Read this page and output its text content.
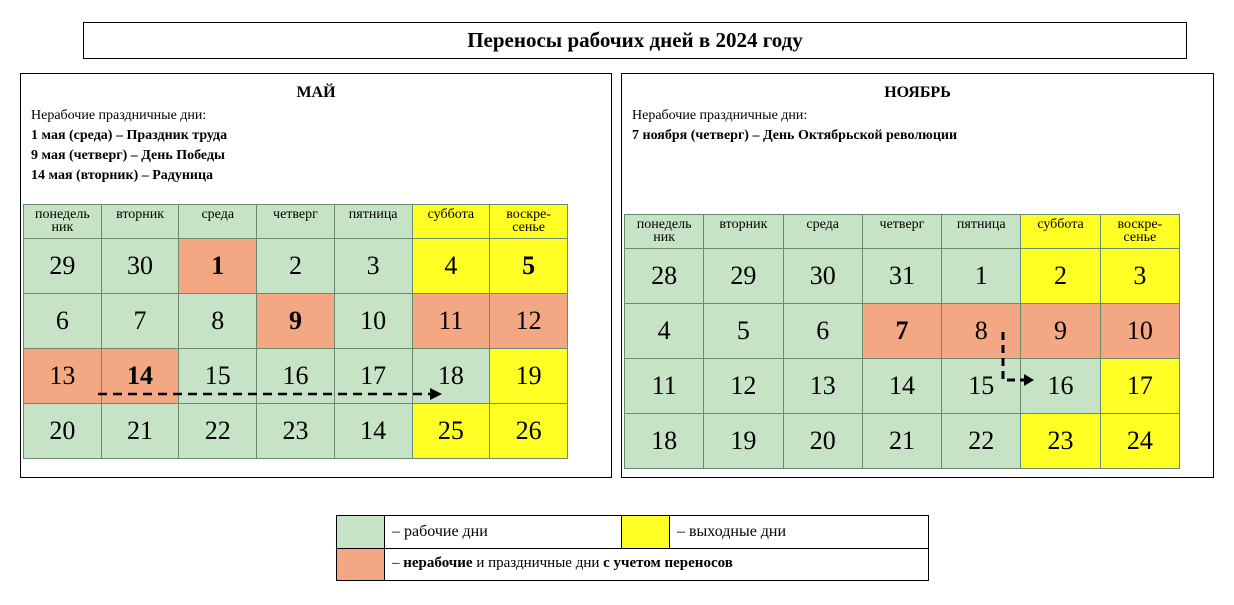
Переносы рабочих дней в 2024 году
МАЙ
Нерабочие праздничные дни:
1 мая (среда) – Праздник труда
9 мая (четверг) – День Победы
14 мая (вторник) – Радуница
понедель ник	вторник	среда	четверг	пятница	суббота	воскре- сенье
29	30	1	2	3	4	5
6	7	8	9	10	11	12
13	14	15	16	17	18	19
20	21	22	23	14	25	26
НОЯБРЬ
Нерабочие праздничные дни:
7 ноября (четверг) – День Октябрьской революции
понедель ник	вторник	среда	четверг	пятница	суббота	воскре- сенье
28	29	30	31	1	2	3
4	5	6	7	8	9	10
11	12	13	14	15	16	17
18	19	20	21	22	23	24
– рабочие дни	– выходные дни
– нерабочие и праздничные дни с учетом переносов
